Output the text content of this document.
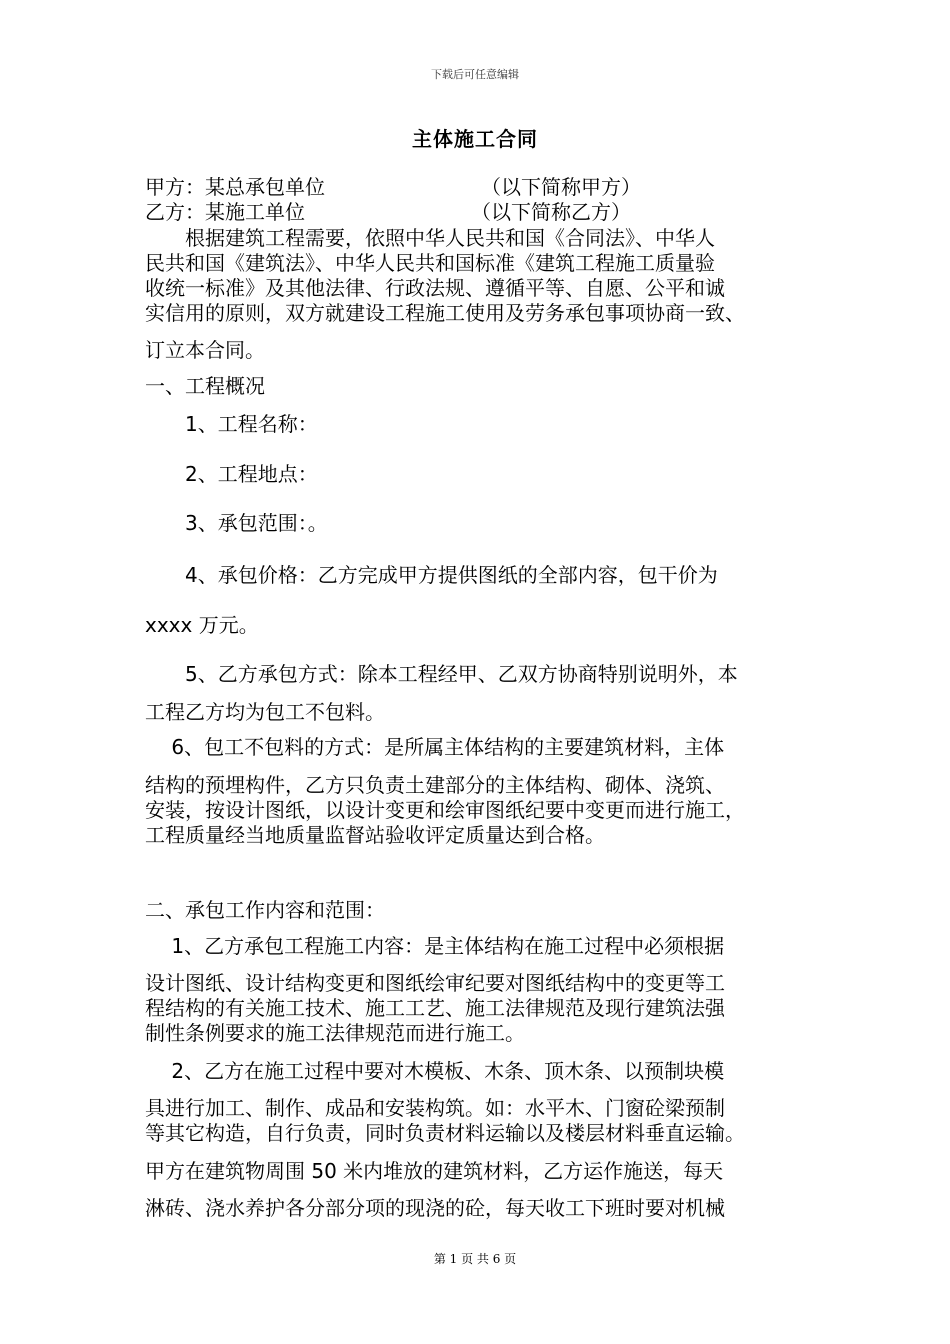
下载后可任意编辑
主体施工合同
甲方：某总承包单位	（以下简称甲方）
乙方：某施工单位	（以下简称乙方）
　　根据建筑工程需要，依照中华人民共和国《合同法》、中华人
民共和国《建筑法》、中华人民共和国标准《建筑工程施工质量验
收统一标准》及其他法律、行政法规、遵循平等、自愿、公平和诚
实信用的原则，双方就建设工程施工使用及劳务承包事项协商一致、
订立本合同。
一、工程概况
　　1、工程名称：
　　2、工程地点：
　　3、承包范围：。
　　4、承包价格：乙方完成甲方提供图纸的全部内容，包干价为
xxxx 万元。
　　5、乙方承包方式：除本工程经甲、乙双方协商特别说明外，本
工程乙方均为包工不包料。
　 6、包工不包料的方式：是所属主体结构的主要建筑材料，主体
结构的预埋构件，乙方只负责土建部分的主体结构、砌体、浇筑、
安装，按设计图纸，以设计变更和绘审图纸纪要中变更而进行施工，
工程质量经当地质量监督站验收评定质量达到合格。
二、承包工作内容和范围：
　 1、乙方承包工程施工内容：是主体结构在施工过程中必须根据
设计图纸、设计结构变更和图纸绘审纪要对图纸结构中的变更等工
程结构的有关施工技术、施工工艺、施工法律规范及现行建筑法强
制性条例要求的施工法律规范而进行施工。
　 2、乙方在施工过程中要对木模板、木条、顶木条、以预制块模
具进行加工、制作、成品和安装构筑。如：水平木、门窗砼梁预制
等其它构造，自行负责，同时负责材料运输以及楼层材料垂直运输。
甲方在建筑物周围 50 米内堆放的建筑材料，乙方运作施送，每天
淋砖、浇水养护各分部分项的现浇的砼，每天收工下班时要对机械
第 1 页 共 6 页
